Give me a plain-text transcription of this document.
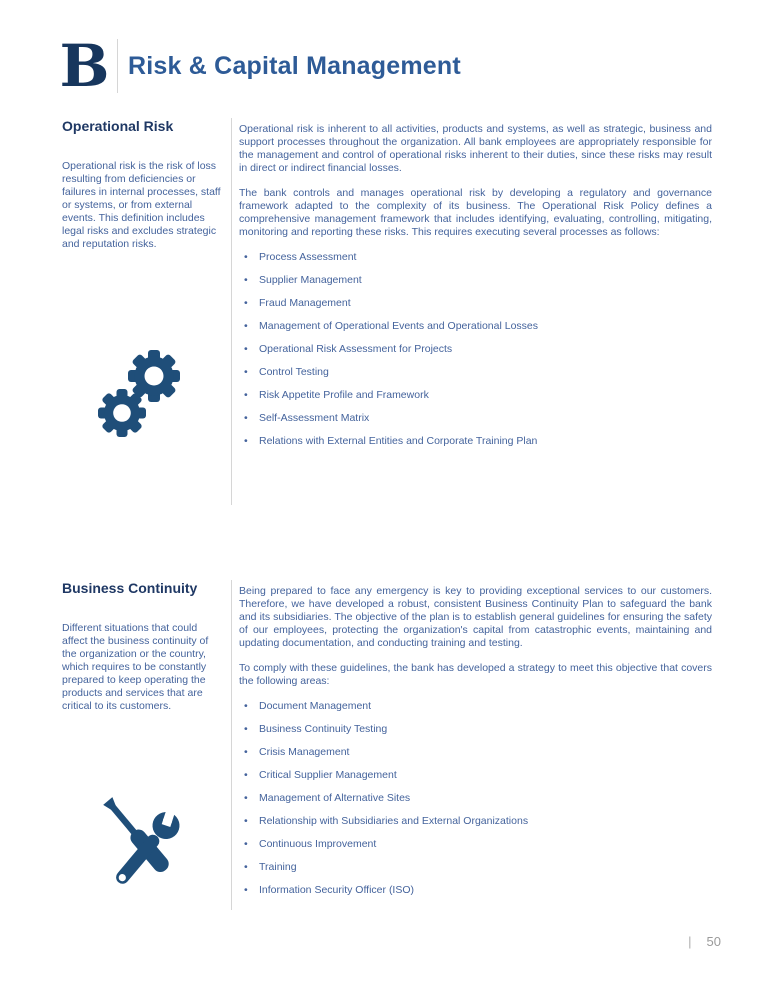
B Risk & Capital Management
Operational Risk

Operational risk is the risk of loss resulting from deficiencies or failures in internal processes, staff or systems, or from external events. This definition includes legal risks and excludes strategic and reputation risks.

Operational risk is inherent to all activities, products and systems, as well as strategic, business and support processes throughout the organization. All bank employees are appropriately responsible for the management and control of operational risks inherent to their duties, since these risks may result in direct or indirect financial losses.

The bank controls and manages operational risk by developing a regulatory and governance framework adapted to the complexity of its business. The Operational Risk Policy defines a comprehensive management framework that includes identifying, evaluating, controlling, mitigating, monitoring and reporting these risks. This requires executing several processes as follows:

• Process Assessment
• Supplier Management
• Fraud Management
• Management of Operational Events and Operational Losses
• Operational Risk Assessment for Projects
• Control Testing
• Risk Appetite Profile and Framework
• Self-Assessment Matrix
• Relations with External Entities and Corporate Training Plan
Business Continuity

Different situations that could affect the business continuity of the organization or the country, which requires to be constantly prepared to keep operating the products and services that are critical to its customers.

Being prepared to face any emergency is key to providing exceptional services to our customers. Therefore, we have developed a robust, consistent Business Continuity Plan to safeguard the bank and its subsidiaries. The objective of the plan is to establish general guidelines for ensuring the safety of our employees, protecting the organization's capital from catastrophic events, maintaining and updating documentation, and conducting training and testing.

To comply with these guidelines, the bank has developed a strategy to meet this objective that covers the following areas:

• Document Management
• Business Continuity Testing
• Crisis Management
• Critical Supplier Management
• Management of Alternative Sites
• Relationship with Subsidiaries and External Organizations
• Continuous Improvement
• Training
• Information Security Officer (ISO)
| 50
